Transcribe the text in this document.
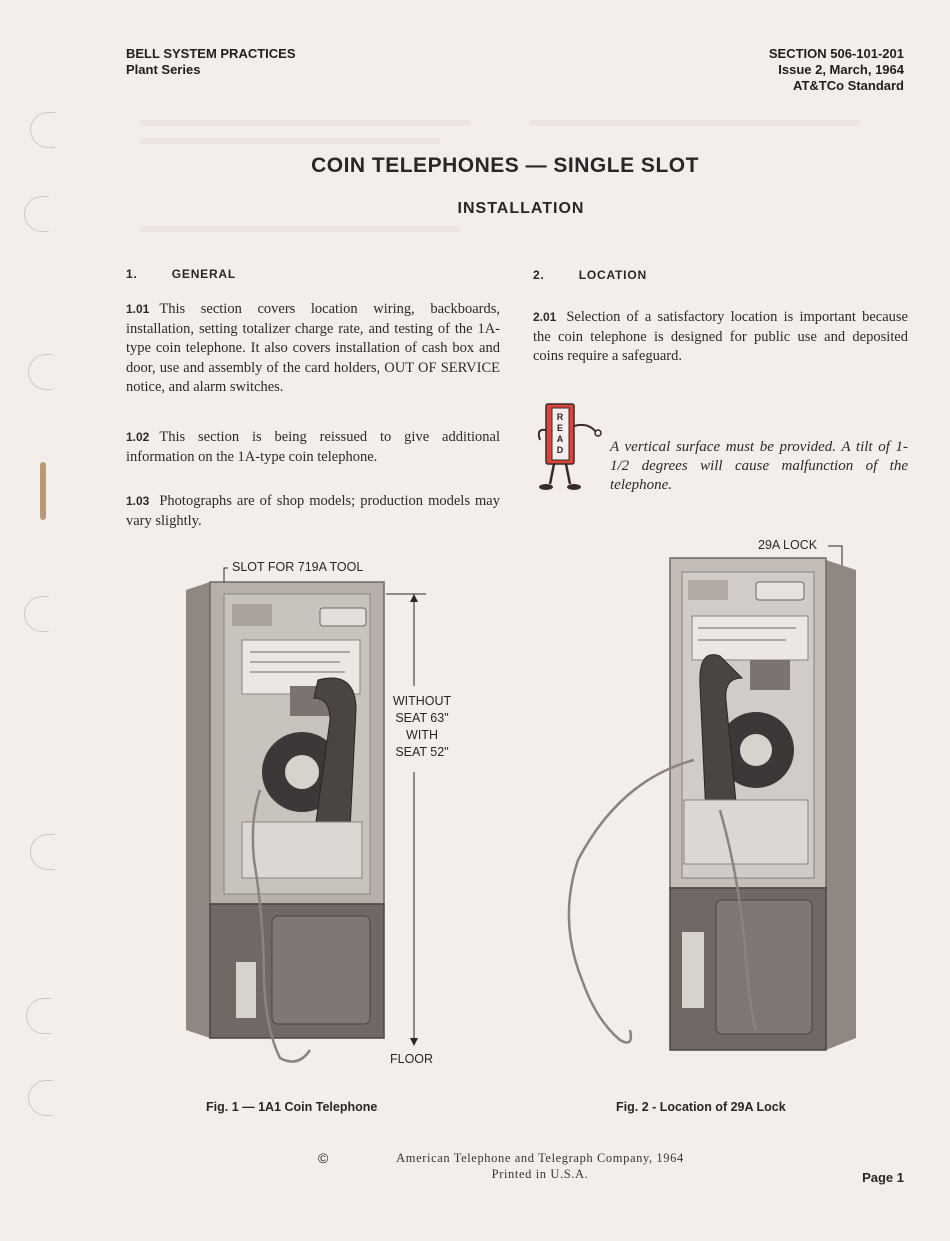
BELL SYSTEM PRACTICES
Plant Series
SECTION 506-101-201
Issue 2, March, 1964
AT&TCo Standard
COIN TELEPHONES — SINGLE SLOT
INSTALLATION
1.	GENERAL

1.01 This section covers location wiring, backboards, installation, setting totalizer charge rate, and testing of the 1A-type coin telephone. It also covers installation of cash box and door, use and assembly of the card holders, OUT OF SERVICE notice, and alarm switches.

1.02 This section is being reissued to give additional information on the 1A-type coin telephone.

1.03 Photographs are of shop models; production models may vary slightly.

2.	LOCATION

2.01 Selection of a satisfactory location is important because the coin telephone is designed for public use and deposited coins require a safeguard.

R
E
A
D	A vertical surface must be provided. A tilt of 1-1/2 degrees will cause malfunction of the telephone.
SLOT FOR 719A TOOL
WITHOUT
SEAT 63"
WITH
SEAT 52"
FLOOR
Fig. 1 — 1A1 Coin Telephone
29A LOCK
Fig. 2 - Location of 29A Lock
©	American Telephone and Telegraph Company, 1964
Printed in U.S.A.	Page 1
